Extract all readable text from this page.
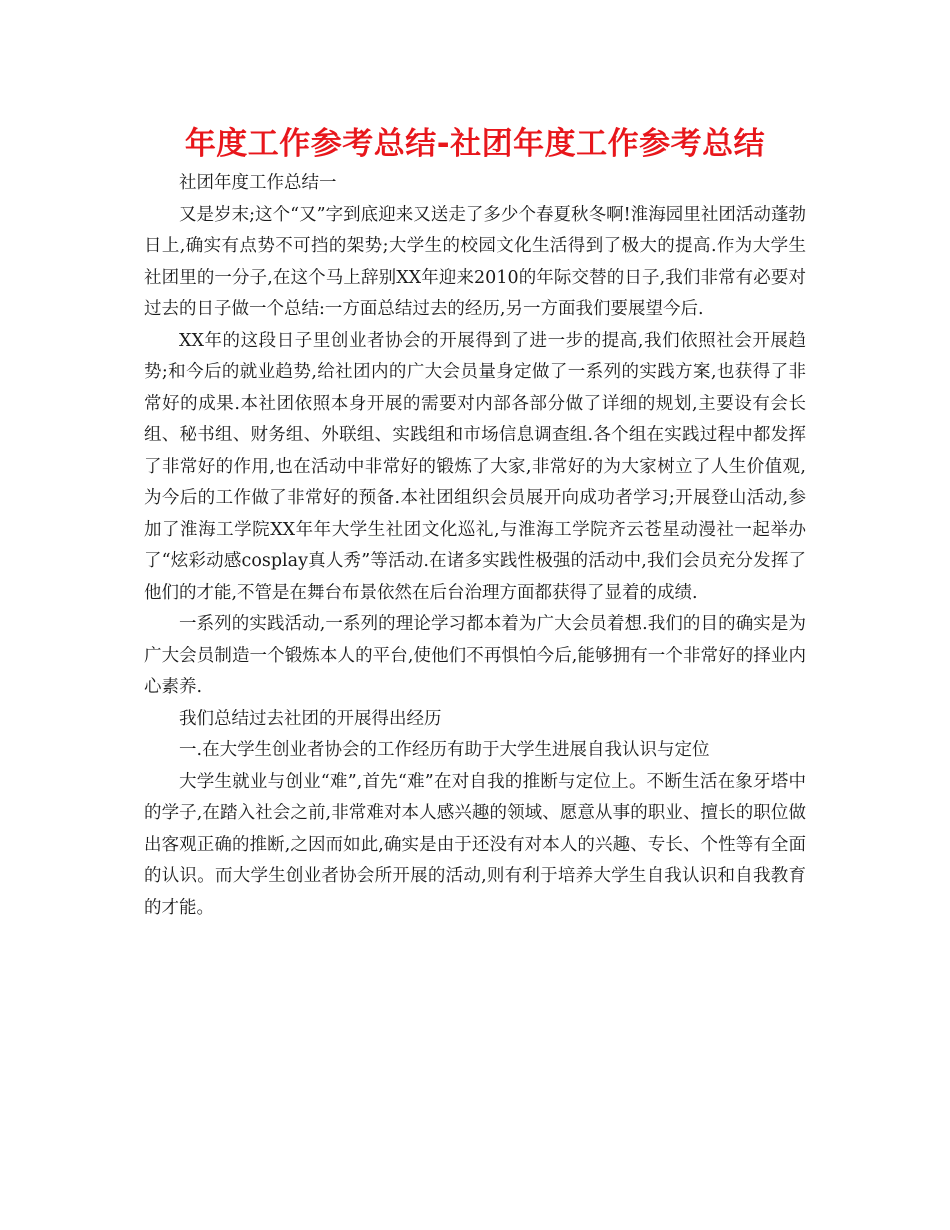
年度工作参考总结-社团年度工作参考总结

社团年度工作总结一

又是岁末;这个“又”字到底迎来又送走了多少个春夏秋冬啊!淮海园里社团活动蓬勃日上,确实有点势不可挡的架势;大学生的校园文化生活得到了极大的提高.作为大学生社团里的一分子,在这个马上辞别XX年迎来2010的年际交替的日子,我们非常有必要对过去的日子做一个总结:一方面总结过去的经历,另一方面我们要展望今后.

XX年的这段日子里创业者协会的开展得到了进一步的提高,我们依照社会开展趋势;和今后的就业趋势,给社团内的广大会员量身定做了一系列的实践方案,也获得了非常好的成果.本社团依照本身开展的需要对内部各部分做了详细的规划,主要设有会长组、秘书组、财务组、外联组、实践组和市场信息调查组.各个组在实践过程中都发挥了非常好的作用,也在活动中非常好的锻炼了大家,非常好的为大家树立了人生价值观,为今后的工作做了非常好的预备.本社团组织会员展开向成功者学习;开展登山活动,参加了淮海工学院XX年年大学生社团文化巡礼,与淮海工学院齐云苍星动漫社一起举办了“炫彩动感cosplay真人秀”等活动.在诸多实践性极强的活动中,我们会员充分发挥了他们的才能,不管是在舞台布景依然在后台治理方面都获得了显着的成绩.

一系列的实践活动,一系列的理论学习都本着为广大会员着想.我们的目的确实是为广大会员制造一个锻炼本人的平台,使他们不再惧怕今后,能够拥有一个非常好的择业内心素养.

我们总结过去社团的开展得出经历

一.在大学生创业者协会的工作经历有助于大学生进展自我认识与定位

大学生就业与创业“难”,首先“难”在对自我的推断与定位上。不断生活在象牙塔中的学子,在踏入社会之前,非常难对本人感兴趣的领域、愿意从事的职业、擅长的职位做出客观正确的推断,之因而如此,确实是由于还没有对本人的兴趣、专长、个性等有全面的认识。而大学生创业者协会所开展的活动,则有利于培养大学生自我认识和自我教育的才能。
